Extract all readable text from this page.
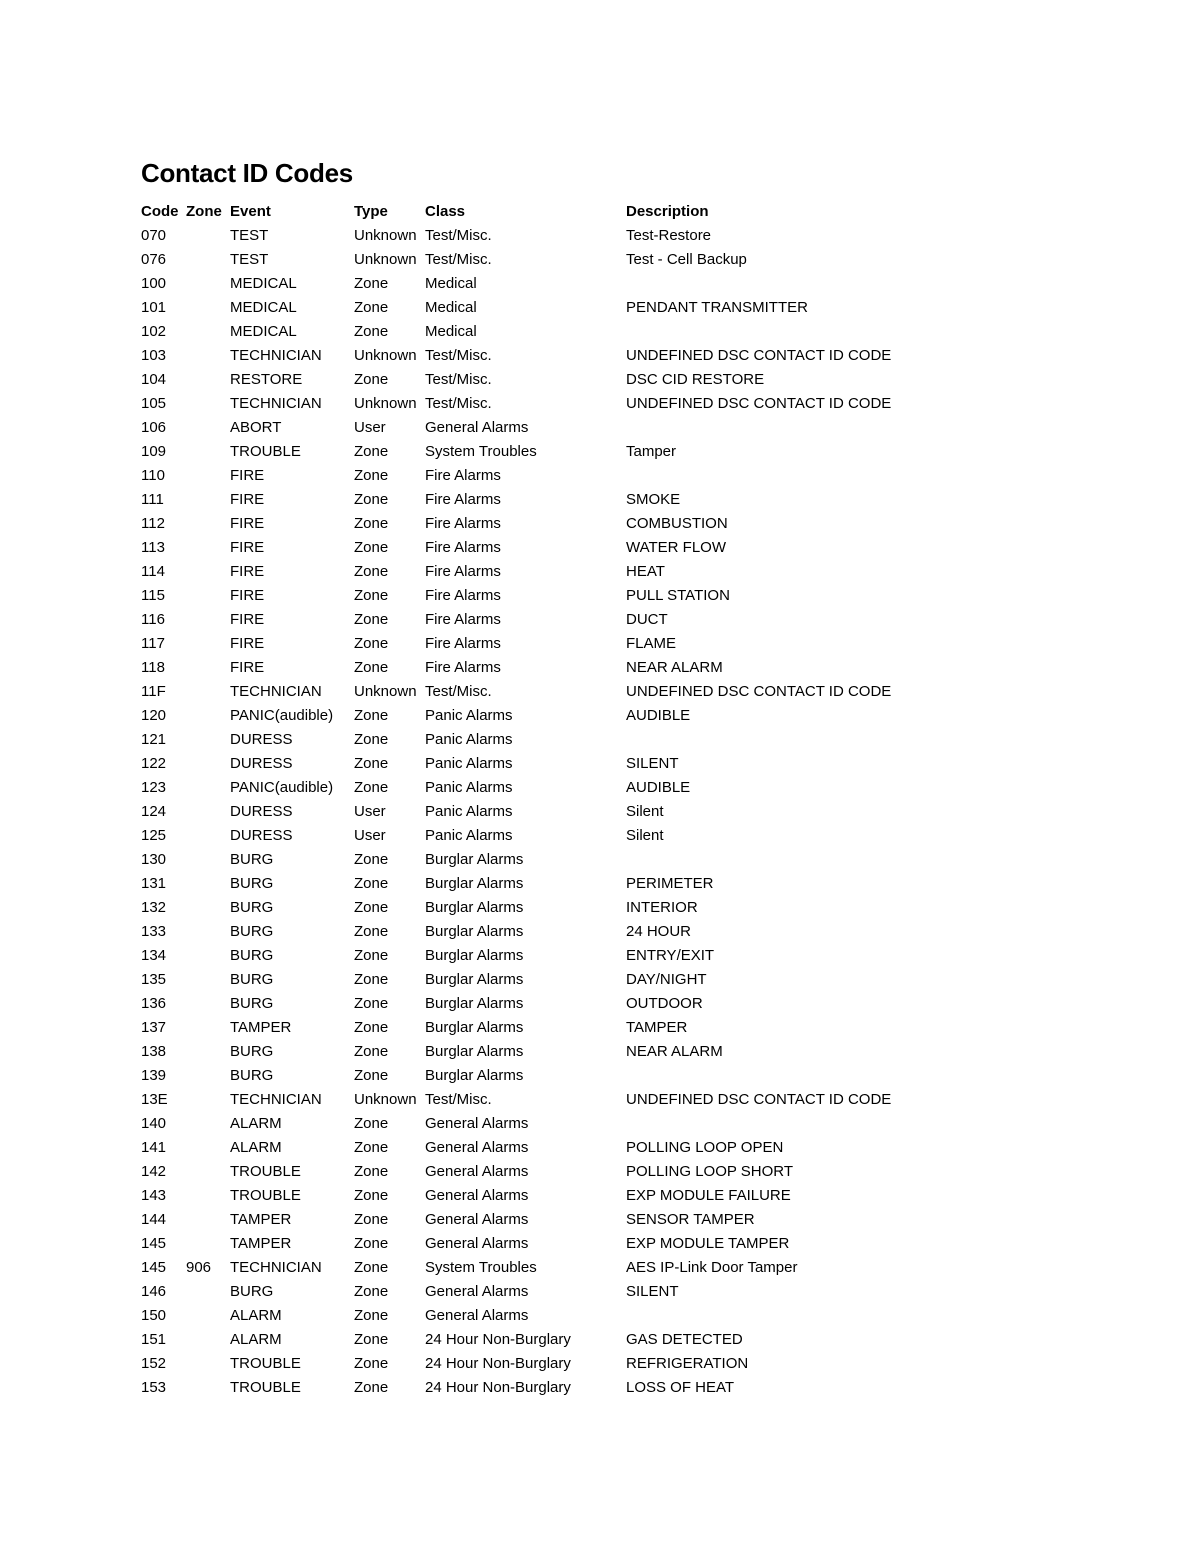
Contact ID Codes
Code	Zone	Event	Type	Class	Description
070		TEST	Unknown	Test/Misc.	Test-Restore
076		TEST	Unknown	Test/Misc.	Test - Cell Backup
100		MEDICAL	Zone	Medical	
101		MEDICAL	Zone	Medical	PENDANT TRANSMITTER
102		MEDICAL	Zone	Medical	
103		TECHNICIAN	Unknown	Test/Misc.	UNDEFINED DSC CONTACT ID CODE
104		RESTORE	Zone	Test/Misc.	DSC CID RESTORE
105		TECHNICIAN	Unknown	Test/Misc.	UNDEFINED DSC CONTACT ID CODE
106		ABORT	User	General Alarms	
109		TROUBLE	Zone	System Troubles	Tamper
110		FIRE	Zone	Fire Alarms	
111		FIRE	Zone	Fire Alarms	SMOKE
112		FIRE	Zone	Fire Alarms	COMBUSTION
113		FIRE	Zone	Fire Alarms	WATER FLOW
114		FIRE	Zone	Fire Alarms	HEAT
115		FIRE	Zone	Fire Alarms	PULL STATION
116		FIRE	Zone	Fire Alarms	DUCT
117		FIRE	Zone	Fire Alarms	FLAME
118		FIRE	Zone	Fire Alarms	NEAR ALARM
11F		TECHNICIAN	Unknown	Test/Misc.	UNDEFINED DSC CONTACT ID CODE
120		PANIC(audible)	Zone	Panic Alarms	AUDIBLE
121		DURESS	Zone	Panic Alarms	
122		DURESS	Zone	Panic Alarms	SILENT
123		PANIC(audible)	Zone	Panic Alarms	AUDIBLE
124		DURESS	User	Panic Alarms	Silent
125		DURESS	User	Panic Alarms	Silent
130		BURG	Zone	Burglar Alarms	
131		BURG	Zone	Burglar Alarms	PERIMETER
132		BURG	Zone	Burglar Alarms	INTERIOR
133		BURG	Zone	Burglar Alarms	24 HOUR
134		BURG	Zone	Burglar Alarms	ENTRY/EXIT
135		BURG	Zone	Burglar Alarms	DAY/NIGHT
136		BURG	Zone	Burglar Alarms	OUTDOOR
137		TAMPER	Zone	Burglar Alarms	TAMPER
138		BURG	Zone	Burglar Alarms	NEAR ALARM
139		BURG	Zone	Burglar Alarms	
13E		TECHNICIAN	Unknown	Test/Misc.	UNDEFINED DSC CONTACT ID CODE
140		ALARM	Zone	General Alarms	
141		ALARM	Zone	General Alarms	POLLING LOOP OPEN
142		TROUBLE	Zone	General Alarms	POLLING LOOP SHORT
143		TROUBLE	Zone	General Alarms	EXP MODULE FAILURE
144		TAMPER	Zone	General Alarms	SENSOR TAMPER
145		TAMPER	Zone	General Alarms	EXP MODULE TAMPER
145	906	TECHNICIAN	Zone	System Troubles	AES IP-Link Door Tamper
146		BURG	Zone	General Alarms	SILENT
150		ALARM	Zone	General Alarms	
151		ALARM	Zone	24 Hour Non-Burglary	GAS DETECTED
152		TROUBLE	Zone	24 Hour Non-Burglary	REFRIGERATION
153		TROUBLE	Zone	24 Hour Non-Burglary	LOSS OF HEAT
